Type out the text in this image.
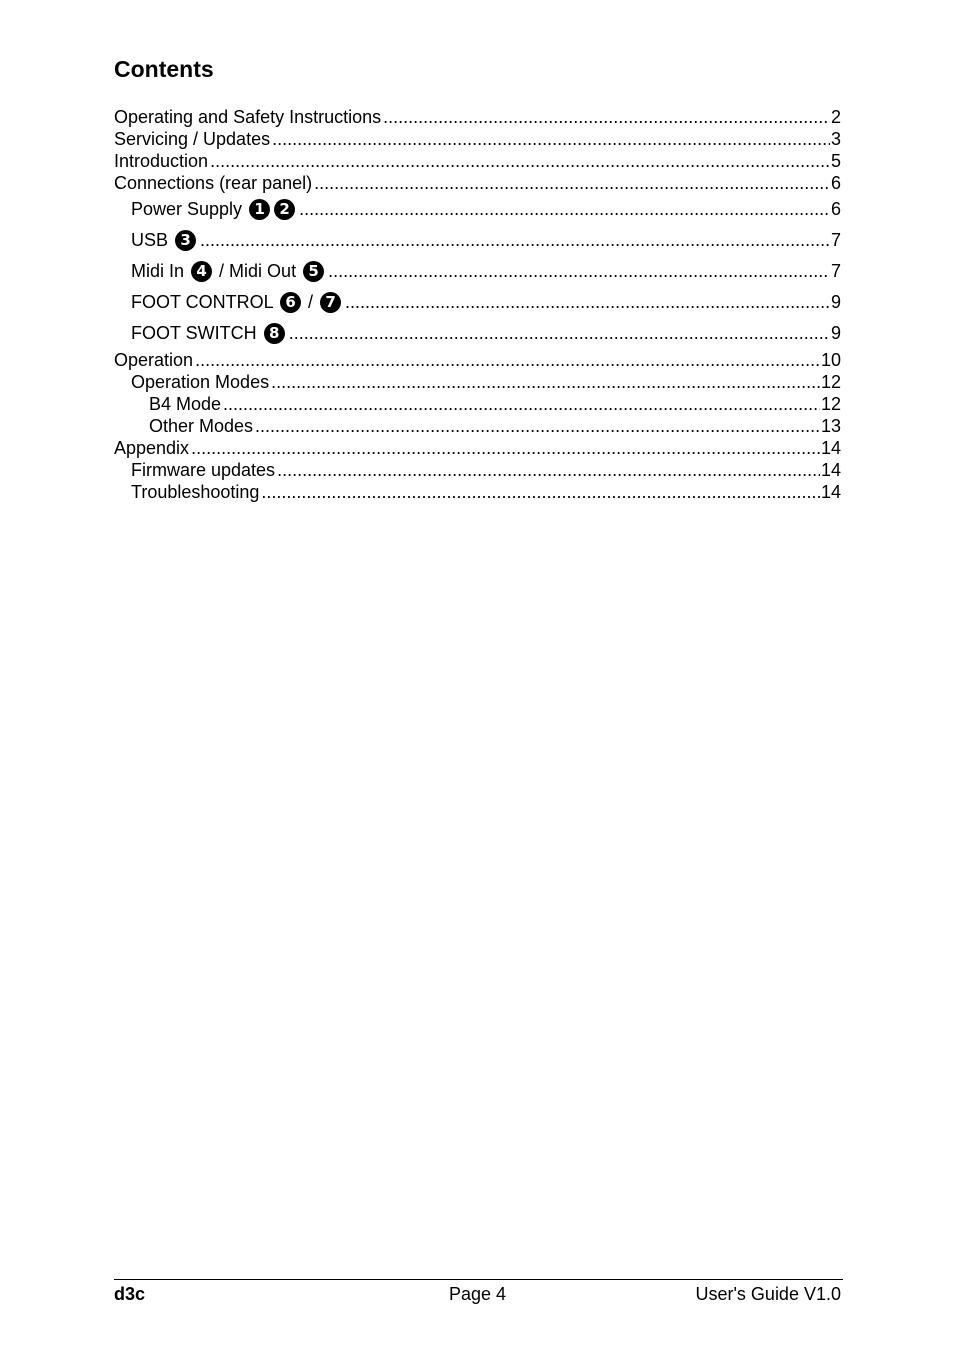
Contents
Operating and Safety Instructions .....	2
Servicing / Updates .....	3
Introduction .....	5
Connections (rear panel) .....	6
Power Supply 1 2 .....	6
USB 3 .....	7
Midi In 4 / Midi Out 5 .....	7
FOOT CONTROL 6 / 7 .....	9
FOOT SWITCH 8 .....	9
Operation .....	10
Operation Modes .....	12
B4 Mode .....	12
Other Modes .....	13
Appendix .....	14
Firmware updates .....	14
Troubleshooting .....	14
d3c	Page 4	User's Guide V1.0
